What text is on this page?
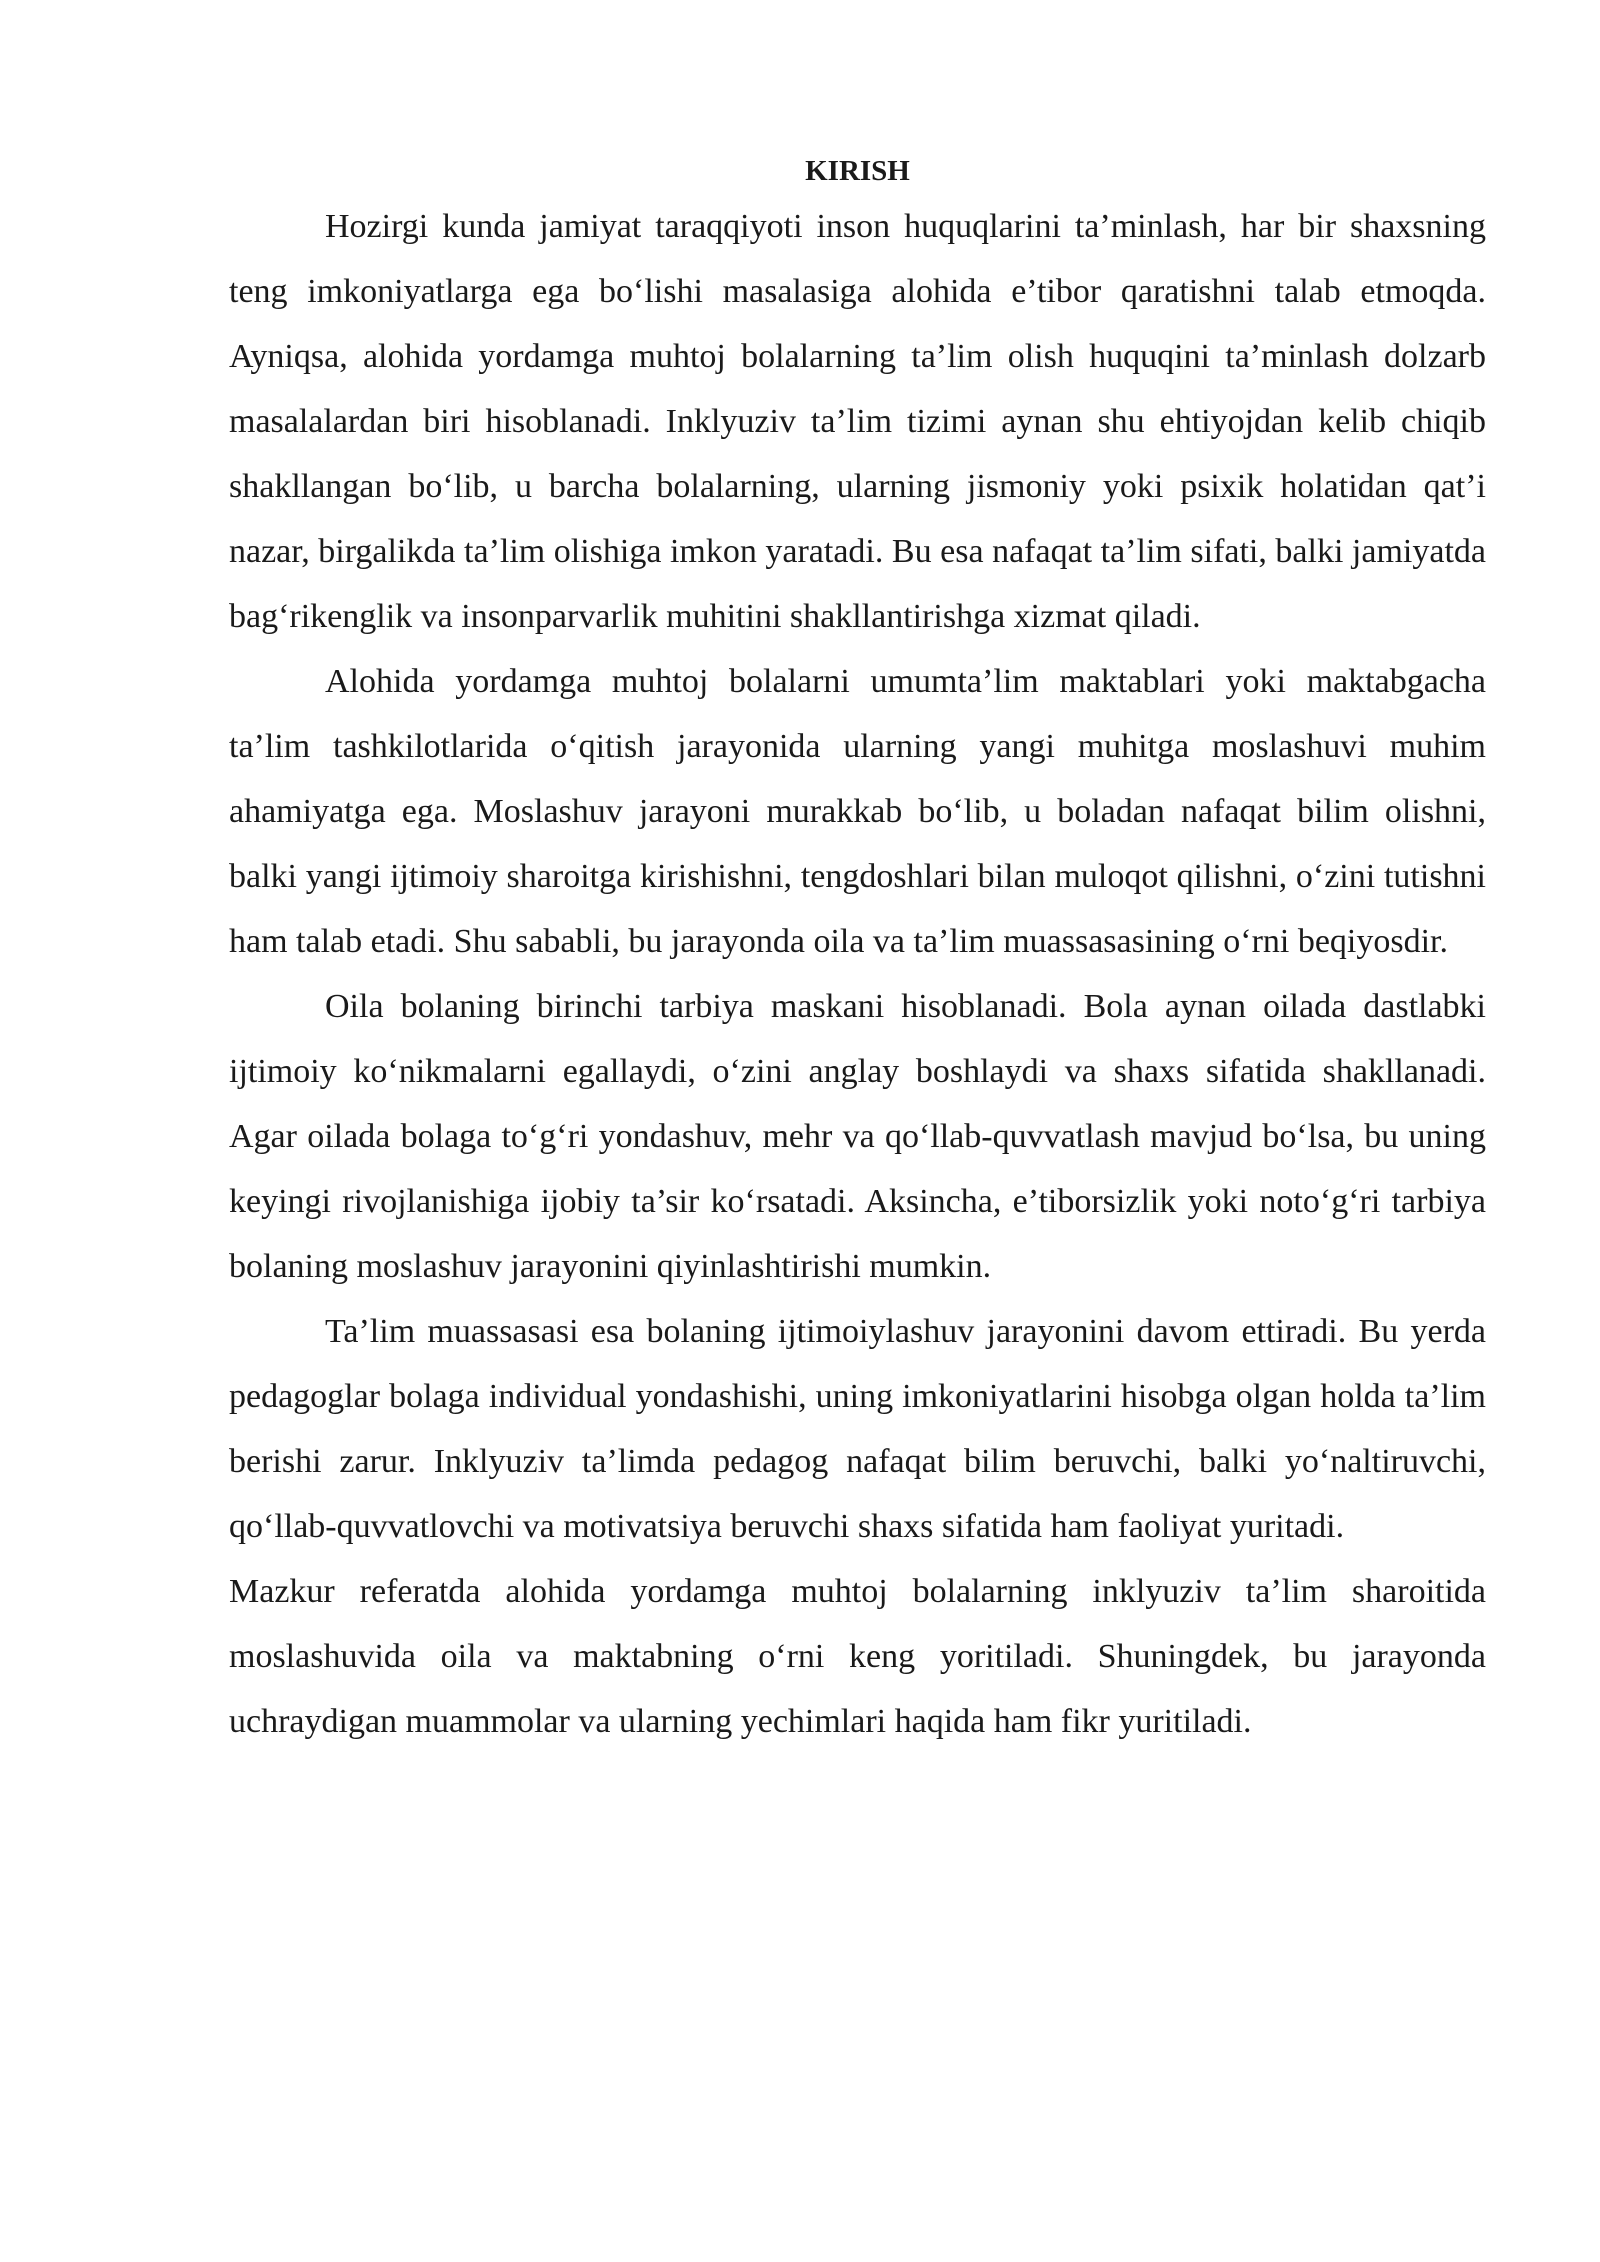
KIRISH

Hozirgi kunda jamiyat taraqqiyoti inson huquqlarini ta’minlash, har bir shaxsning teng imkoniyatlarga ega bo‘lishi masalasiga alohida e’tibor qaratishni talab etmoqda. Ayniqsa, alohida yordamga muhtoj bolalarning ta’lim olish huquqini ta’minlash dolzarb masalalardan biri hisoblanadi. Inklyuziv ta’lim tizimi aynan shu ehtiyojdan kelib chiqib shakllangan bo‘lib, u barcha bolalarning, ularning jismoniy yoki psixik holatidan qat’i nazar, birgalikda ta’lim olishiga imkon yaratadi. Bu esa nafaqat ta’lim sifati, balki jamiyatda bag‘rikenglik va insonparvarlik muhitini shakllantirishga xizmat qiladi.

Alohida yordamga muhtoj bolalarni umumta’lim maktablari yoki maktabgacha ta’lim tashkilotlarida o‘qitish jarayonida ularning yangi muhitga moslashuvi muhim ahamiyatga ega. Moslashuv jarayoni murakkab bo‘lib, u boladan nafaqat bilim olishni, balki yangi ijtimoiy sharoitga kirishishni, tengdoshlari bilan muloqot qilishni, o‘zini tutishni ham talab etadi. Shu sababli, bu jarayonda oila va ta’lim muassasasining o‘rni beqiyosdir.

Oila bolaning birinchi tarbiya maskani hisoblanadi. Bola aynan oilada dastlabki ijtimoiy ko‘nikmalarni egallaydi, o‘zini anglay boshlaydi va shaxs sifatida shakllanadi. Agar oilada bolaga to‘g‘ri yondashuv, mehr va qo‘llab-quvvatlash mavjud bo‘lsa, bu uning keyingi rivojlanishiga ijobiy ta’sir ko‘rsatadi. Aksincha, e’tiborsizlik yoki noto‘g‘ri tarbiya bolaning moslashuv jarayonini qiyinlashtirishi mumkin.

Ta’lim muassasasi esa bolaning ijtimoiylashuv jarayonini davom ettiradi. Bu yerda pedagoglar bolaga individual yondashishi, uning imkoniyatlarini hisobga olgan holda ta’lim berishi zarur. Inklyuziv ta’limda pedagog nafaqat bilim beruvchi, balki yo‘naltiruvchi, qo‘llab-quvvatlovchi va motivatsiya beruvchi shaxs sifatida ham faoliyat yuritadi.

Mazkur referatda alohida yordamga muhtoj bolalarning inklyuziv ta’lim sharoitida moslashuvida oila va maktabning o‘rni keng yoritiladi. Shuningdek, bu jarayonda uchraydigan muammolar va ularning yechimlari haqida ham fikr yuritiladi.
